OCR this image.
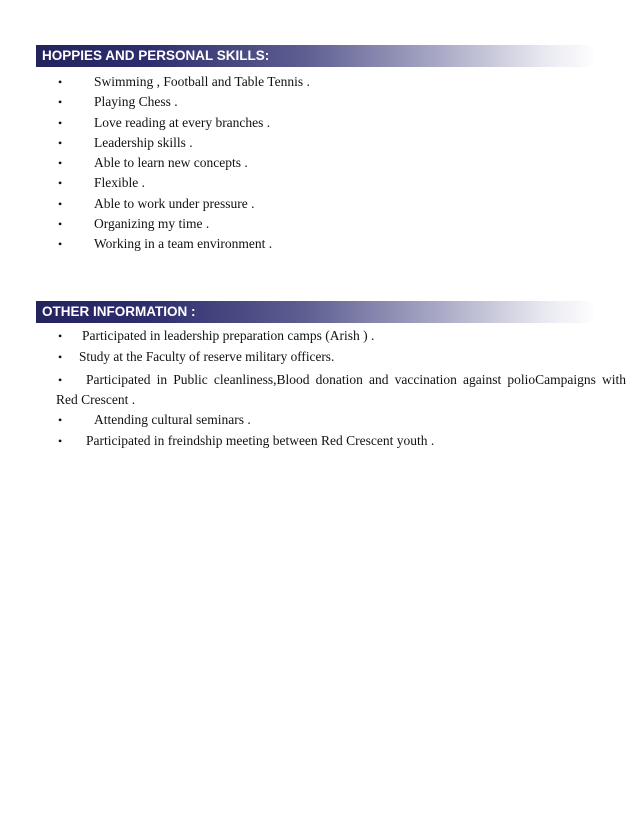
HOPPIES AND PERSONAL SKILLS:
• Swimming , Football and Table Tennis .
• Playing Chess .
• Love reading at every branches .
• Leadership skills .
• Able to learn new concepts .
• Flexible .
• Able to work under pressure .
• Organizing my time .
• Working in a team environment .
OTHER INFORMATION :
•	Participated in leadership preparation camps (Arish ) .
•	Study at the Faculty of reserve military officers.
•	Participated in Public cleanliness,Blood donation and vaccination against polioCampaigns with Red Crescent .
•	Attending cultural seminars .
•	Participated in freindship meeting between Red Crescent youth .
